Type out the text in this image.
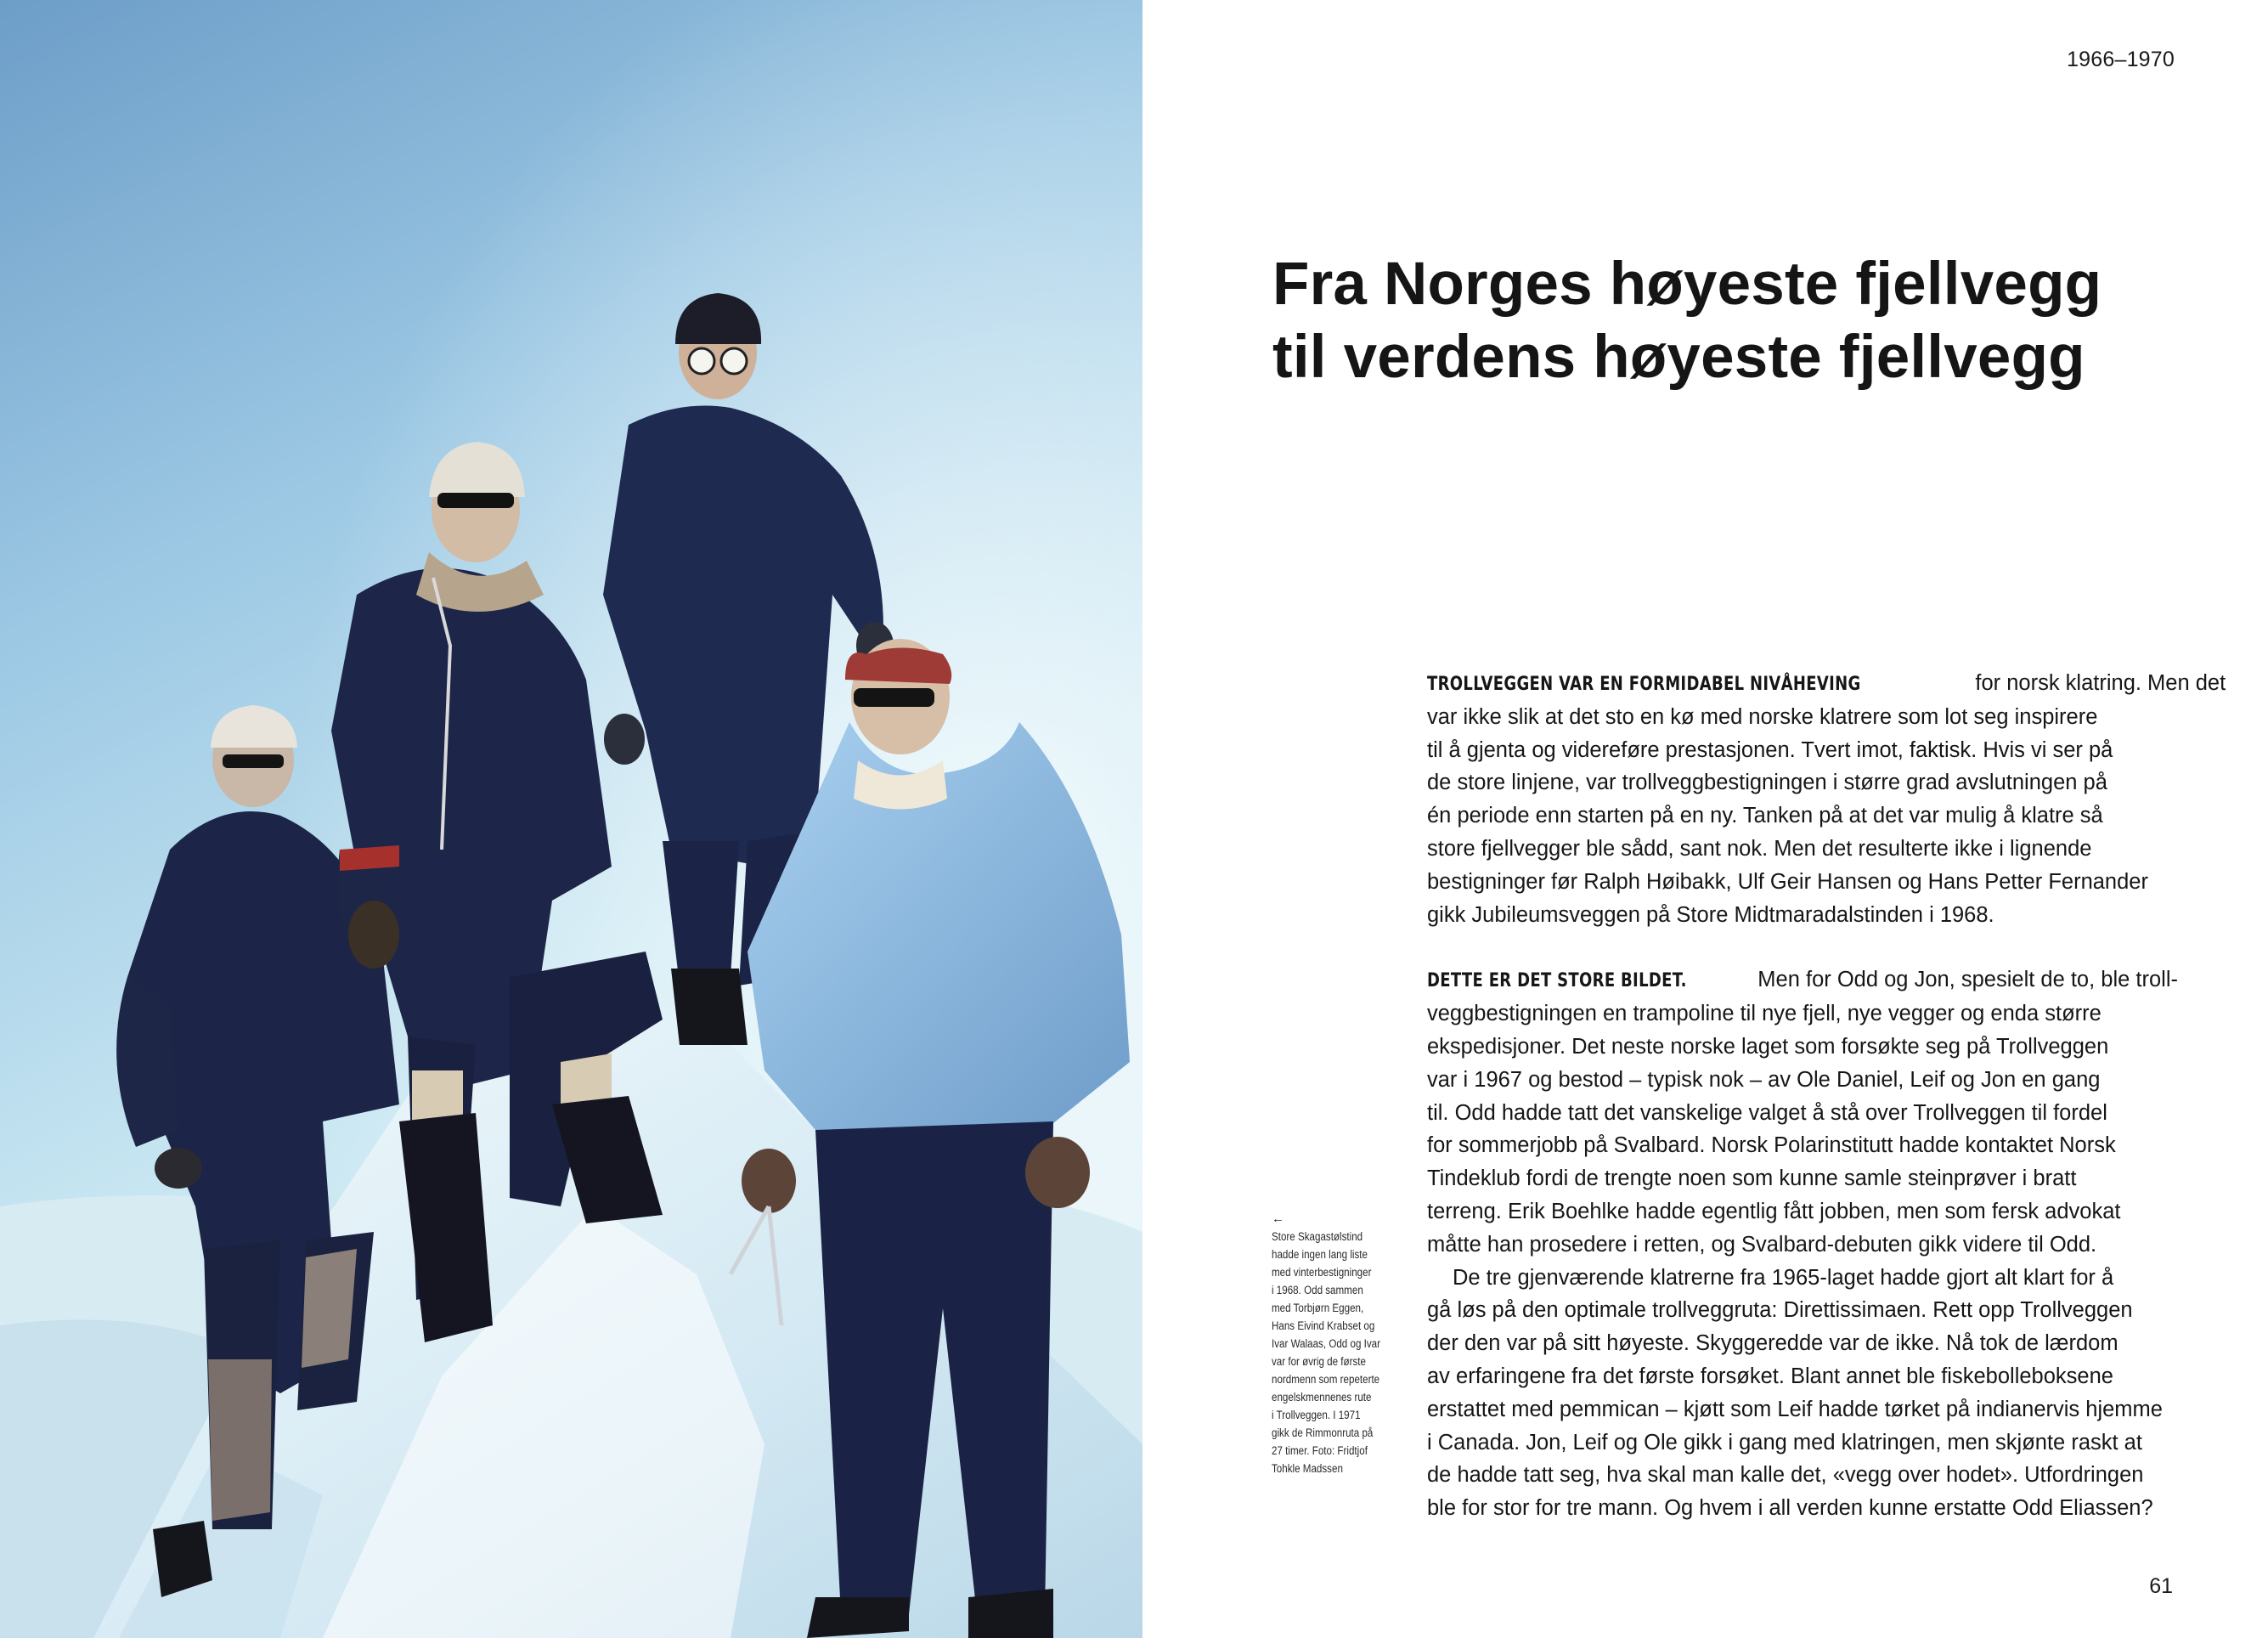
1966–1970
Fra Norges høyeste fjellvegg
til verdens høyeste fjellvegg
←
Store Skagastølstind
hadde ingen lang liste
med vinterbestigninger
i 1968. Odd sammen
med Torbjørn Eggen,
Hans Eivind Krabset og
Ivar Walaas, Odd og Ivar
var for øvrig de første
nordmenn som repeterte
engelskmennenes rute
i Trollveggen. I 1971
gikk de Rimmonruta på
27 timer. Foto: Fridtjof
Tohkle Madssen
TROLLVEGGEN VAR EN FORMIDABEL NIVÅHEVING	for norsk klatring. Men det
var ikke slik at det sto en kø med norske klatrere som lot seg inspirere
til å gjenta og videreføre prestasjonen. Tvert imot, faktisk. Hvis vi ser på
de store linjene, var trollveggbestigningen i større grad avslutningen på
én periode enn starten på en ny. Tanken på at det var mulig å klatre så
store fjellvegger ble sådd, sant nok. Men det resulterte ikke i lignende
bestigninger før Ralph Høibakk, Ulf Geir Hansen og Hans Petter Fernander
gikk Jubileumsveggen på Store Midtmaradalstinden i 1968.
DETTE ER DET STORE BILDET.	Men for Odd og Jon, spesielt de to, ble troll-
veggbestigningen en trampoline til nye fjell, nye vegger og enda større
ekspedisjoner. Det neste norske laget som forsøkte seg på Trollveggen
var i 1967 og bestod – typisk nok – av Ole Daniel, Leif og Jon en gang
til. Odd hadde tatt det vanskelige valget å stå over Trollveggen til fordel
for sommerjobb på Svalbard. Norsk Polarinstitutt hadde kontaktet Norsk
Tindeklub fordi de trengte noen som kunne samle steinprøver i bratt
terreng. Erik Boehlke hadde egentlig fått jobben, men som fersk advokat
måtte han prosedere i retten, og Svalbard-debuten gikk videre til Odd.
De tre gjenværende klatrerne fra 1965-laget hadde gjort alt klart for å
gå løs på den optimale trollveggruta: Direttissimaen. Rett opp Trollveggen
der den var på sitt høyeste. Skyggeredde var de ikke. Nå tok de lærdom
av erfaringene fra det første forsøket. Blant annet ble fiskebolleboksene
erstattet med pemmican – kjøtt som Leif hadde tørket på indianervis hjemme
i Canada. Jon, Leif og Ole gikk i gang med klatringen, men skjønte raskt at
de hadde tatt seg, hva skal man kalle det, «vegg over hodet». Utfordringen
ble for stor for tre mann. Og hvem i all verden kunne erstatte Odd Eliassen?
61
